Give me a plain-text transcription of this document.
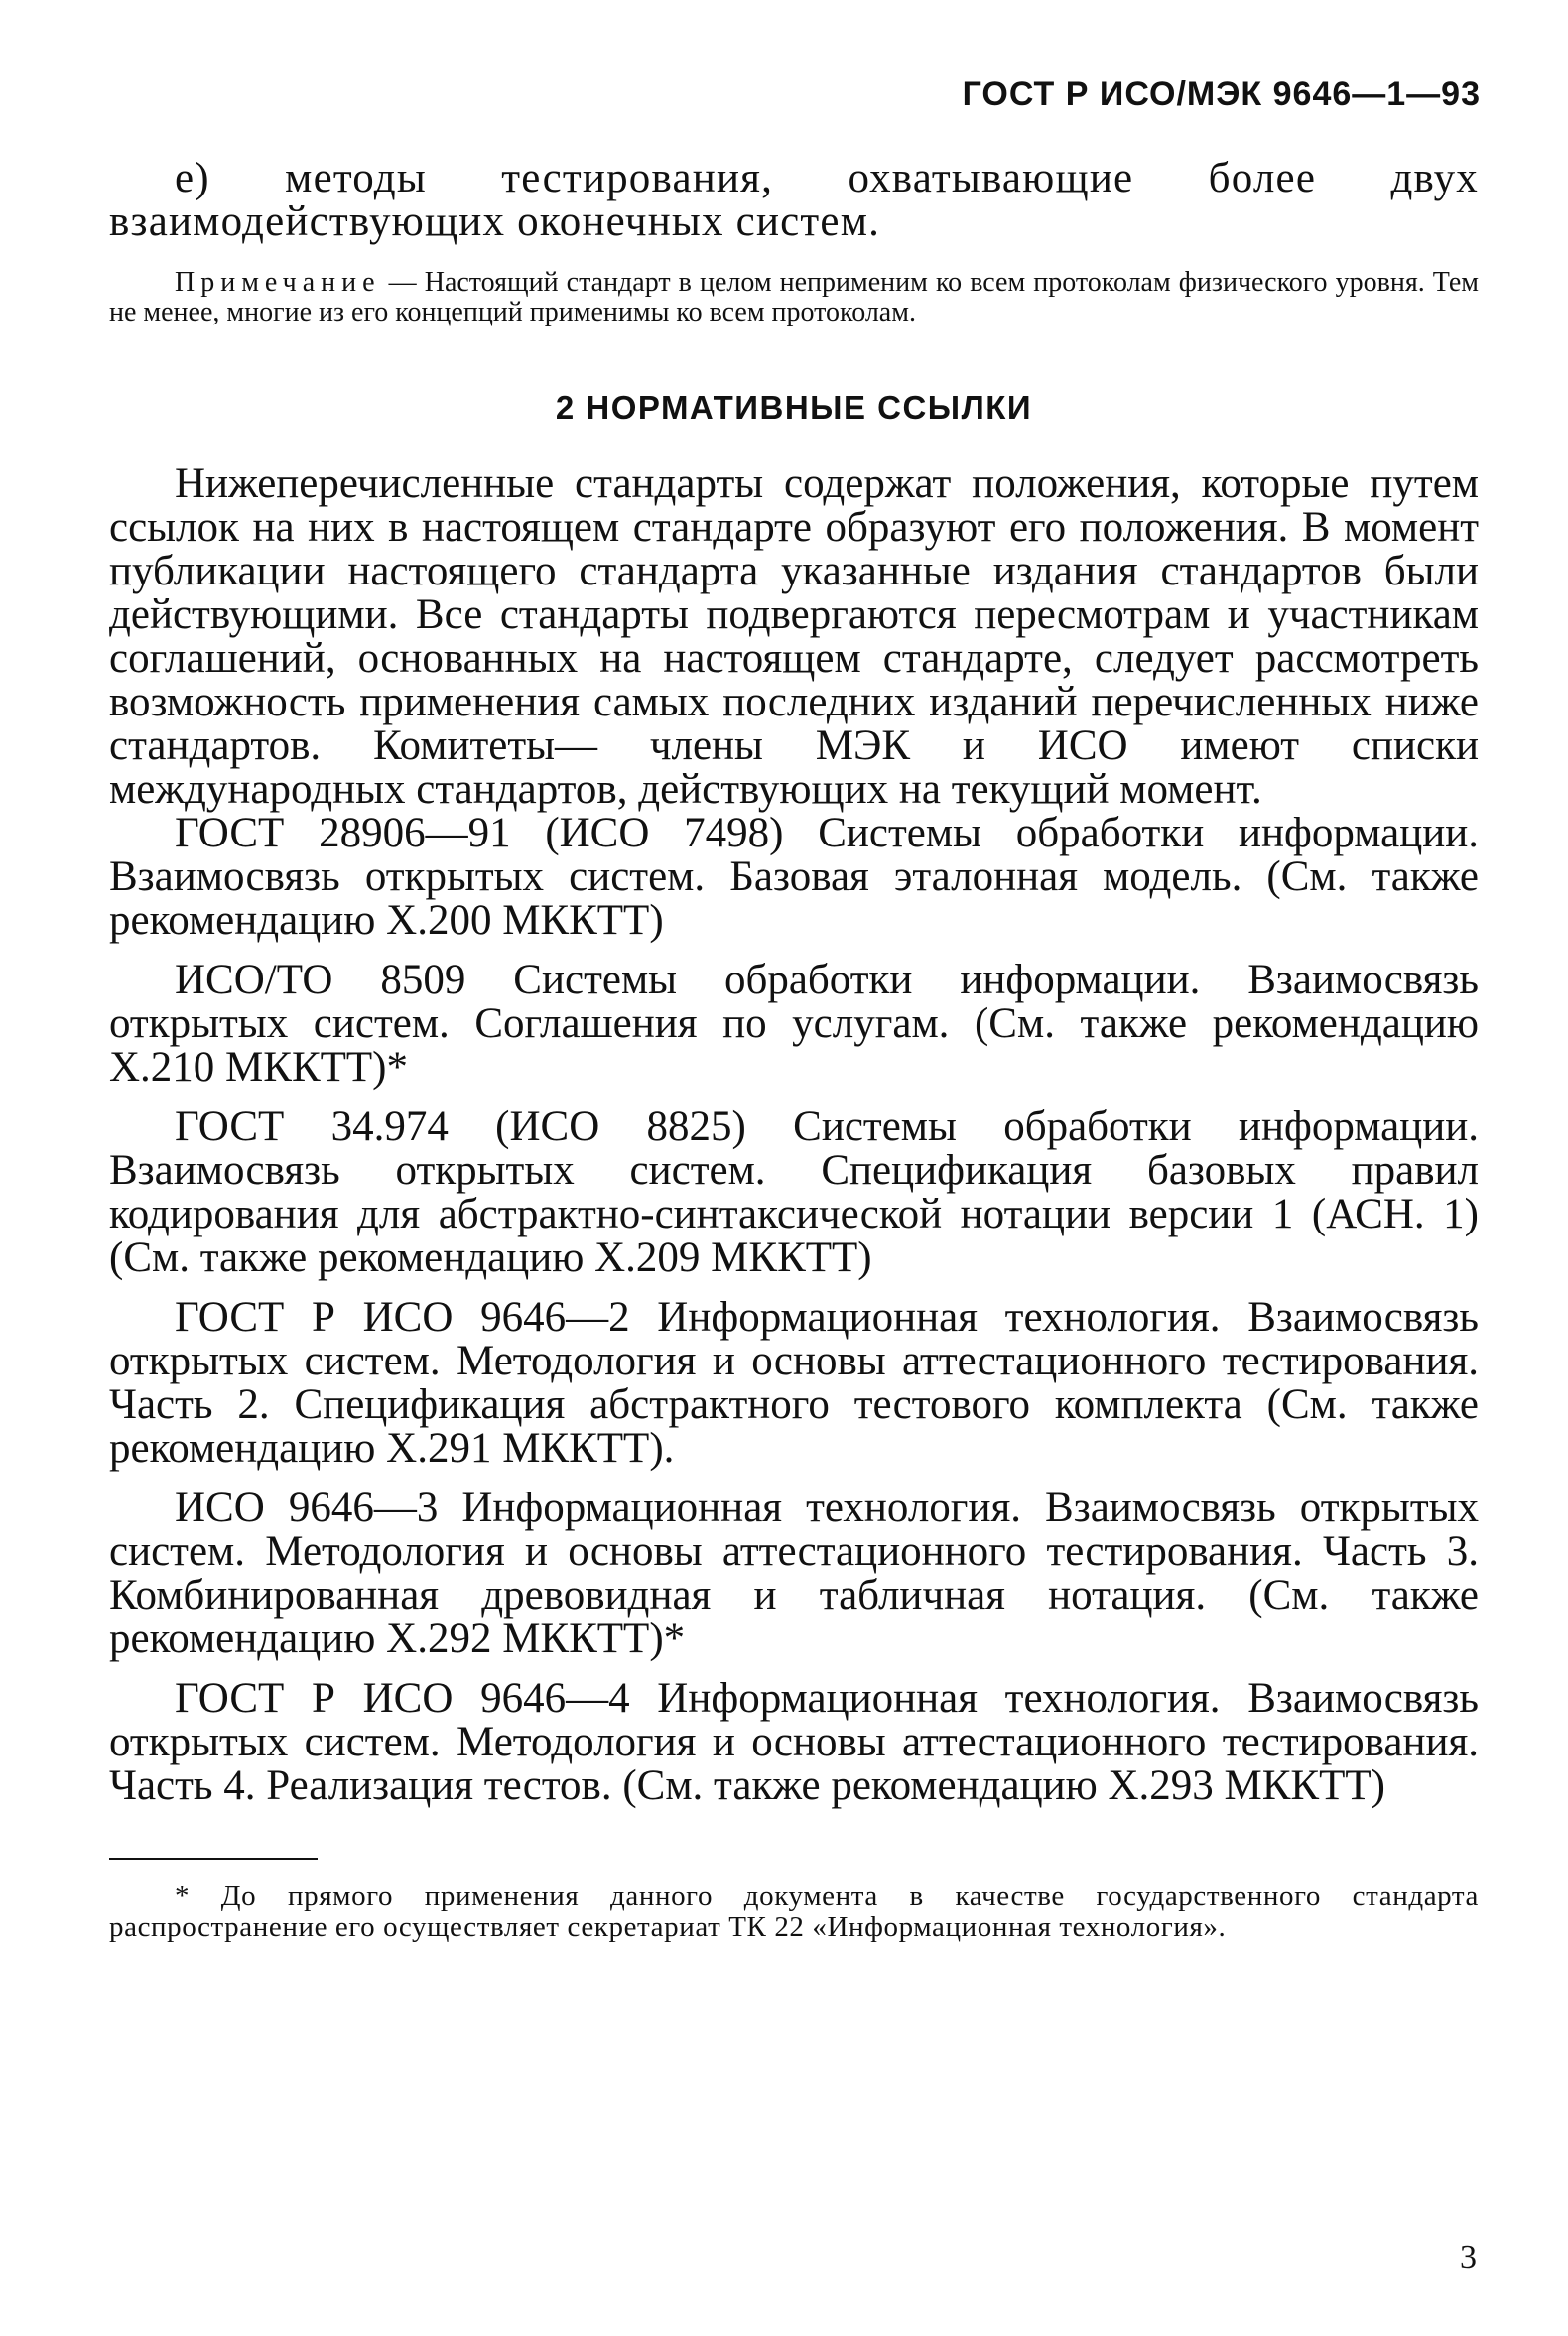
ГОСТ Р ИСО/МЭК 9646—1—93

е) методы тестирования, охватывающие более двух взаимодействующих оконечных систем.

Примечание — Настоящий стандарт в целом неприменим ко всем протоколам физического уровня. Тем не менее, многие из его концепций применимы ко всем протоколам.

2 НОРМАТИВНЫЕ ССЫЛКИ

Нижеперечисленные стандарты содержат положения, которые путем ссылок на них в настоящем стандарте образуют его положения. В момент публикации настоящего стандарта указанные издания стандартов были действующими. Все стандарты подвергаются пересмотрам и участникам соглашений, основанных на настоящем стандарте, следует рассмотреть возможность применения самых последних изданий перечисленных ниже стандартов. Комитеты— члены МЭК и ИСО имеют списки международных стандартов, действующих на текущий момент.

ГОСТ 28906—91 (ИСО 7498) Системы обработки информации. Взаимосвязь открытых систем. Базовая эталонная модель. (См. также рекомендацию Х.200 МККТТ)

ИСО/ТО 8509 Системы обработки информации. Взаимосвязь открытых систем. Соглашения по услугам. (См. также рекомендацию Х.210 МККТТ)*

ГОСТ 34.974 (ИСО 8825) Системы обработки информации. Взаимосвязь открытых систем. Спецификация базовых правил кодирования для абстрактно-синтаксической нотации версии 1 (АСН. 1) (См. также рекомендацию Х.209 МККТТ)

ГОСТ Р ИСО 9646—2 Информационная технология. Взаимосвязь открытых систем. Методология и основы аттестационного тестирования. Часть 2. Спецификация абстрактного тестового комплекта (См. также рекомендацию Х.291 МККТТ).

ИСО 9646—3 Информационная технология. Взаимосвязь открытых систем. Методология и основы аттестационного тестирования. Часть 3. Комбинированная древовидная и табличная нотация. (См. также рекомендацию Х.292 МККТТ)*

ГОСТ Р ИСО 9646—4 Информационная технология. Взаимосвязь открытых систем. Методология и основы аттестационного тестирования. Часть 4. Реализация тестов. (См. также рекомендацию Х.293 МККТТ)

* До прямого применения данного документа в качестве государственного стандарта распространение его осуществляет секретариат ТК 22 «Информационная технология».

3
